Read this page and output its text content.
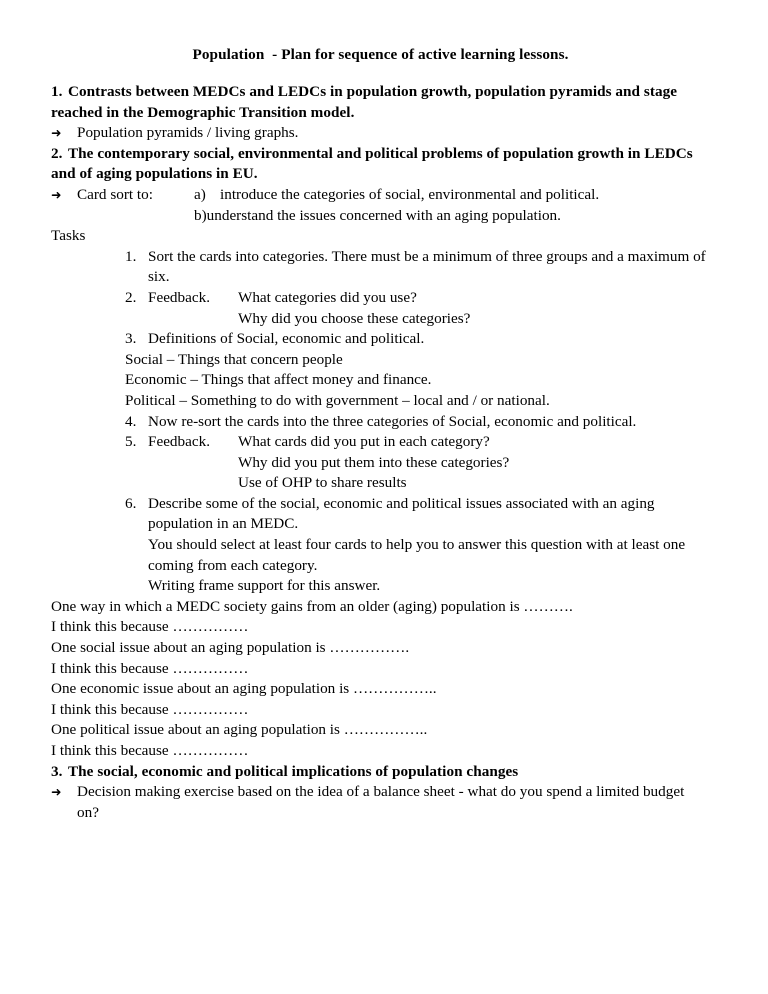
Population  - Plan for sequence of active learning lessons.
1. Contrasts between MEDCs and LEDCs in population growth, population pyramids and stage reached in the Demographic Transition model.
➜	Population pyramids / living graphs.
2. The contemporary social, environmental and political problems of population growth in LEDCs and of aging populations in EU.
➜	Card sort to:	a) introduce the categories of social, environmental and political.
b)understand the issues concerned with an aging population.
Tasks
1. Sort the cards into categories. There must be a minimum of three groups and a maximum of six.
2. Feedback. What categories did you use?
Why did you choose these categories?
3. Definitions of Social, economic and political.
Social – Things that concern people
Economic – Things that affect money and finance.
Political – Something to do with government – local and / or national.
4. Now re-sort the cards into the three categories of Social, economic and political.
5. Feedback. What cards did you put in each category?
Why did you put them into these categories?
Use of OHP to share results
6. Describe some of the social, economic and political issues associated with an aging population in an MEDC.
You should select at least four cards to help you to answer this question with at least one coming from each category.
Writing frame support for this answer.
One way in which a MEDC society gains from an older (aging) population is ……….
I think this because ……………
One social issue about an aging population is …………….
I think this because ……………
One economic issue about an aging population is ……………..
I think this because ……………
One political issue about an aging population is ……………..
I think this because ……………
3. The social, economic and political implications of population changes
➜	Decision making exercise based on the idea of a balance sheet - what do you spend a limited budget on?
